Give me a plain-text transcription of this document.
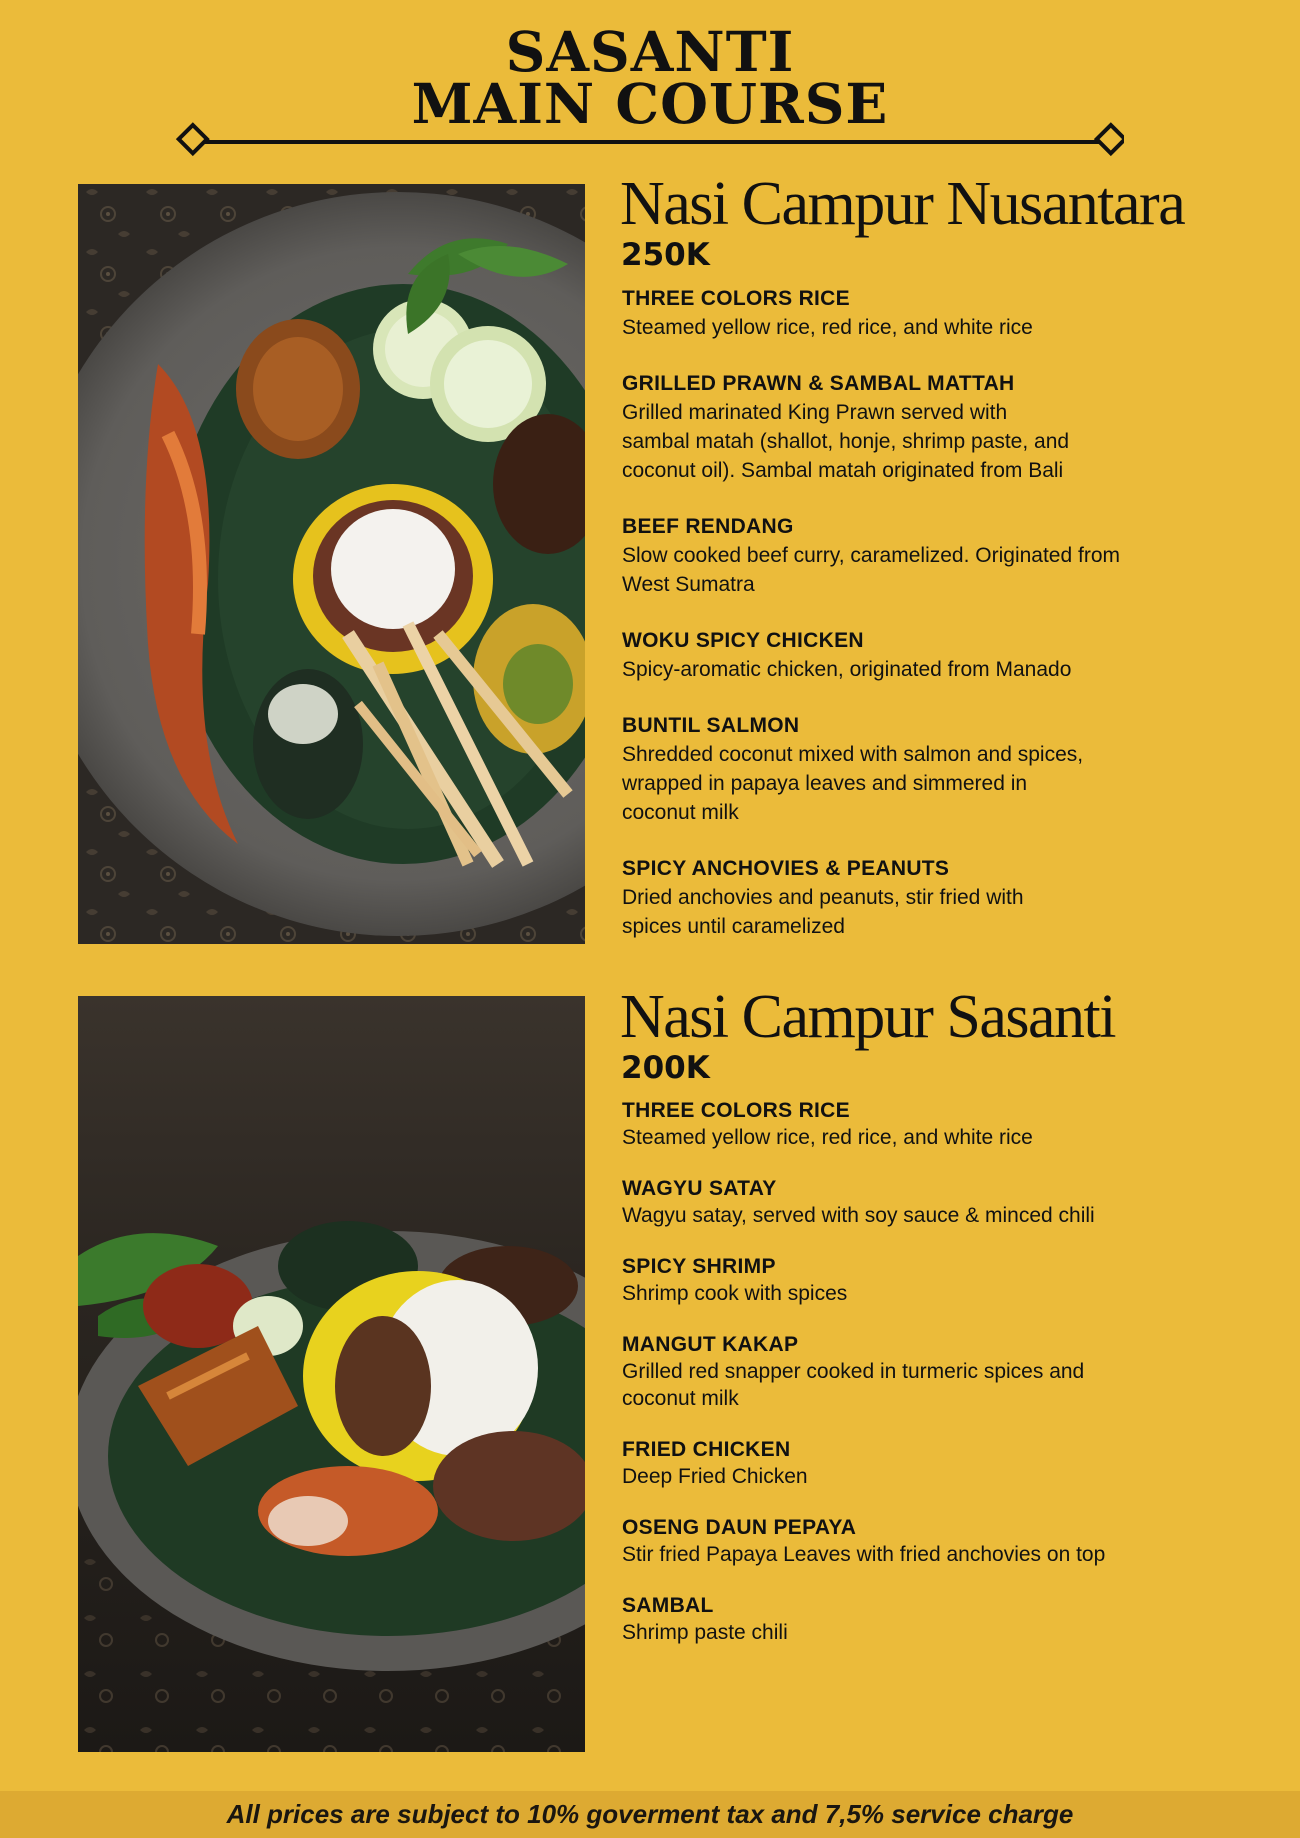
SASANTI
MAIN COURSE
Nasi Campur Nusantara
250K
THREE COLORS RICE
Steamed yellow rice, red rice, and white rice
GRILLED PRAWN & SAMBAL MATTAH
Grilled marinated King Prawn served with
sambal matah (shallot, honje, shrimp paste, and
coconut oil). Sambal matah originated from Bali
BEEF RENDANG
Slow cooked beef curry, caramelized. Originated from
West Sumatra
WOKU SPICY CHICKEN
Spicy-aromatic chicken, originated from Manado
BUNTIL SALMON
Shredded coconut mixed with salmon and spices,
wrapped in papaya leaves and simmered in
coconut milk
SPICY ANCHOVIES & PEANUTS
Dried anchovies and peanuts, stir fried with
spices until caramelized
Nasi Campur Sasanti
200K
THREE COLORS RICE
Steamed yellow rice, red rice, and white rice
WAGYU SATAY
Wagyu satay, served with soy sauce & minced chili
SPICY SHRIMP
Shrimp cook with spices
MANGUT KAKAP
Grilled red snapper cooked in turmeric spices and
coconut milk
FRIED CHICKEN
Deep Fried Chicken
OSENG DAUN PEPAYA
Stir fried Papaya Leaves with fried anchovies on top
SAMBAL
Shrimp paste chili
All prices are subject to 10% goverment tax and 7,5% service charge
